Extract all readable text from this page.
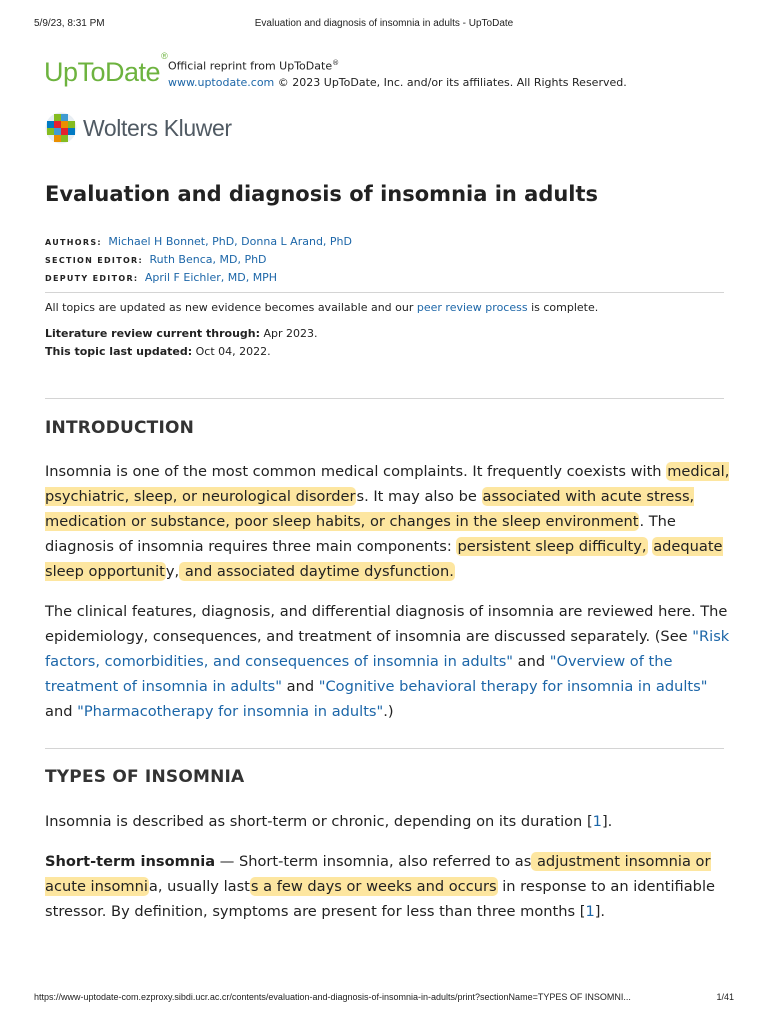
5/9/23, 8:31 PM	Evaluation and diagnosis of insomnia in adults - UpToDate
UpToDate®
Official reprint from UpToDate®
www.uptodate.com © 2023 UpToDate, Inc. and/or its affiliates. All Rights Reserved.
Wolters Kluwer
Evaluation and diagnosis of insomnia in adults
AUTHORS: Michael H Bonnet, PhD, Donna L Arand, PhD
SECTION EDITOR: Ruth Benca, MD, PhD
DEPUTY EDITOR: April F Eichler, MD, MPH
All topics are updated as new evidence becomes available and our peer review process is complete.
Literature review current through: Apr 2023.
This topic last updated: Oct 04, 2022.
INTRODUCTION

Insomnia is one of the most common medical complaints. It frequently coexists with medical, psychiatric, sleep, or neurological disorders. It may also be associated with acute stress, medication or substance, poor sleep habits, or changes in the sleep environment. The diagnosis of insomnia requires three main components: persistent sleep difficulty, adequate sleep opportunity, and associated daytime dysfunction.

The clinical features, diagnosis, and differential diagnosis of insomnia are reviewed here. The epidemiology, consequences, and treatment of insomnia are discussed separately. (See "Risk factors, comorbidities, and consequences of insomnia in adults" and "Overview of the treatment of insomnia in adults" and "Cognitive behavioral therapy for insomnia in adults" and "Pharmacotherapy for insomnia in adults".)

TYPES OF INSOMNIA

Insomnia is described as short-term or chronic, depending on its duration [1].

Short-term insomnia — Short-term insomnia, also referred to as adjustment insomnia or acute insomnia, usually lasts a few days or weeks and occurs in response to an identifiable stressor. By definition, symptoms are present for less than three months [1].

https://www-uptodate-com.ezproxy.sibdi.ucr.ac.cr/contents/evaluation-and-diagnosis-of-insomnia-in-adults/print?sectionName=TYPES OF INSOMNI...	1/41
